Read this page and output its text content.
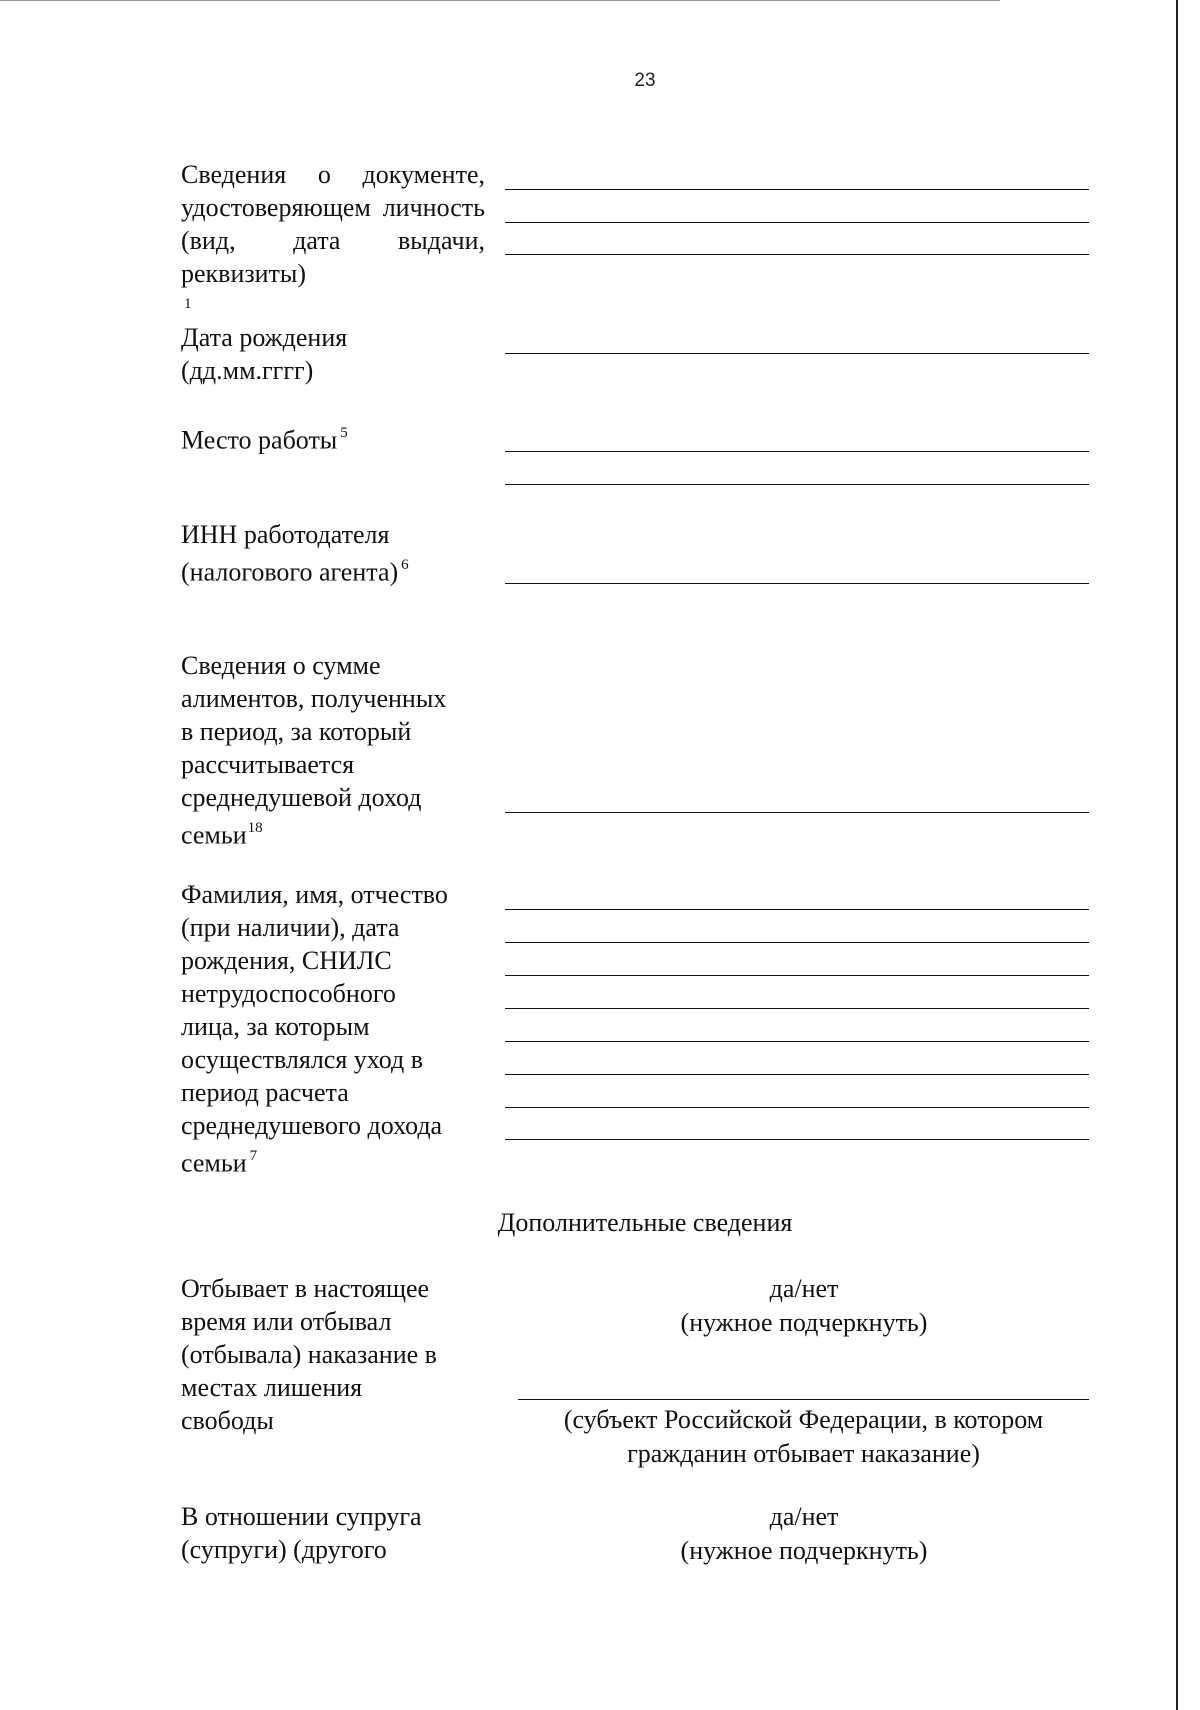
23
Сведения о документе, удостоверяющем личность (вид, дата выдачи, реквизиты)
$^1$
Дата рождения
(дд.мм.гггг)
Место работы $^5$
ИНН работодателя
(налогового агента) $^6$
Сведения о сумме
алиментов, полученных
в период, за который
рассчитывается
среднедушевой доход
семьи$^{18}$
Фамилия, имя, отчество
(при наличии), дата
рождения, СНИЛС
нетрудоспособного
лица, за которым
осуществлялся уход в
период расчета
среднедушевого дохода
семьи $^7$
Дополнительные сведения
Отбывает в настоящее
время или отбывал
(отбывала) наказание в
местах лишения
свободы
да/нет
(нужное подчеркнуть)
(субъект Российской Федерации, в котором
гражданин отбывает наказание)
В отношении супруга
(супруги) (другого
да/нет
(нужное подчеркнуть)
